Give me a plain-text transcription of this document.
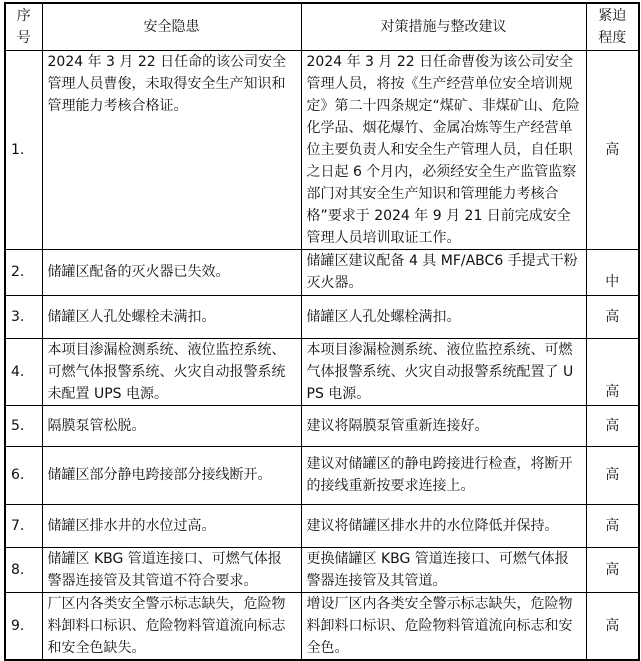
序号	安全隐患	对策措施与整改建议	紧迫程度
1.	2024 年 3 月 22 日任命的该公司安全管理人员曹俊，未取得安全生产知识和管理能力考核合格证。	2024 年 3 月 22 日任命曹俊为该公司安全管理人员，将按《生产经营单位安全培训规定》第二十四条规定“煤矿、非煤矿山、危险化学品、烟花爆竹、金属冶炼等生产经营单位主要负责人和安全生产管理人员，自任职之日起 6 个月内，必须经安全生产监管监察部门对其安全生产知识和管理能力考核合格”要求于 2024 年 9 月 21 日前完成安全管理人员培训取证工作。	高
2.	储罐区配备的灭火器已失效。	储罐区建议配备 4 具 MF/ABC6 手提式干粉灭火器。	中
3.	储罐区人孔处螺栓未满扣。	储罐区人孔处螺栓满扣。	高
4.	本项目渗漏检测系统、液位监控系统、可燃气体报警系统、火灾自动报警系统未配置 UPS 电源。	本项目渗漏检测系统、液位监控系统、可燃气体报警系统、火灾自动报警系统配置了 UPS 电源。	高
5.	隔膜泵管松脱。	建议将隔膜泵管重新连接好。	高
6.	储罐区部分静电跨接部分接线断开。	建议对储罐区的静电跨接进行检查，将断开的接线重新按要求连接上。	高
7.	储罐区排水井的水位过高。	建议将储罐区排水井的水位降低并保持。	高
8.	储罐区 KBG 管道连接口、可燃气体报警器连接管及其管道不符合要求。	更换储罐区 KBG 管道连接口、可燃气体报警器连接管及其管道。	高
9.	厂区内各类安全警示标志缺失，危险物料卸料口标识、危险物料管道流向标志和安全色缺失。	增设厂区内各类安全警示标志缺失，危险物料卸料口标识、危险物料管道流向标志和安全色。	高
